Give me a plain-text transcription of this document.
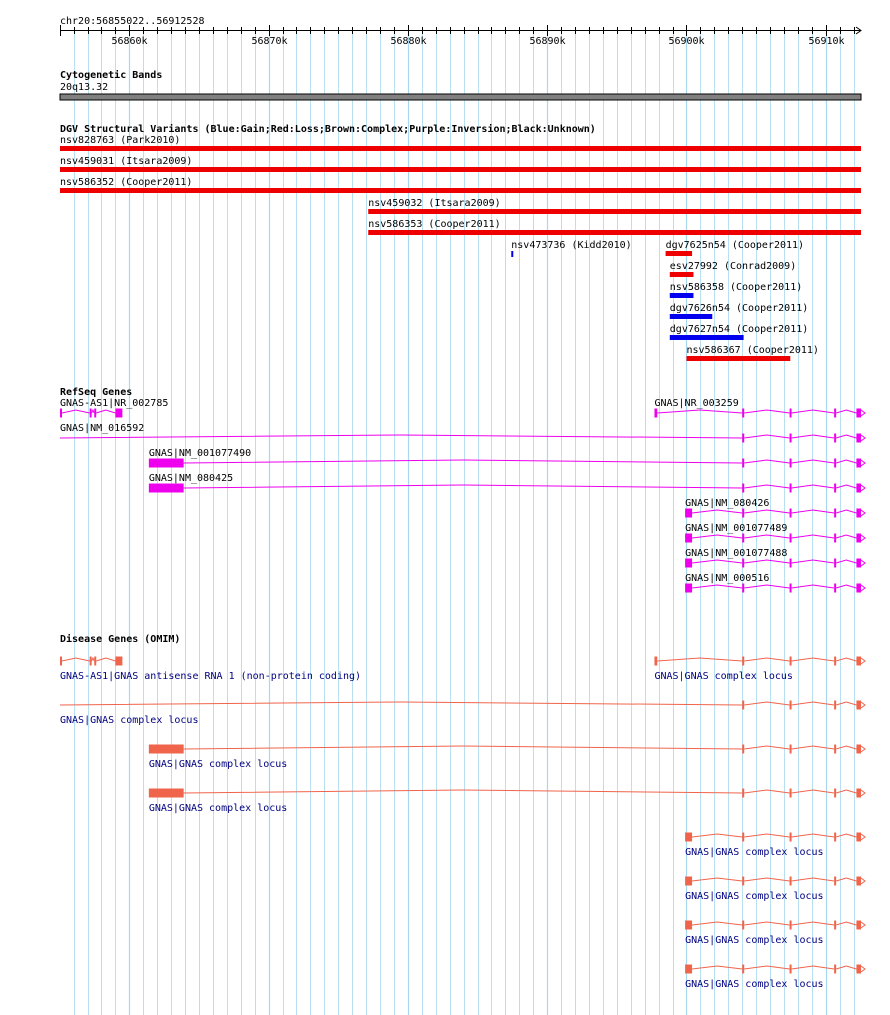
chr20:56855022..56912528
56860k	56870k	56880k	56890k	56900k	56910k
Cytogenetic Bands
20q13.32
DGV Structural Variants (Blue:Gain;Red:Loss;Brown:Complex;Purple:Inversion;Black:Unknown)
nsv828763 (Park2010)
nsv459031 (Itsara2009)
nsv586352 (Cooper2011)
nsv459032 (Itsara2009)
nsv586353 (Cooper2011)
nsv473736 (Kidd2010)	dgv7625n54 (Cooper2011)
esv27992 (Conrad2009)
nsv586358 (Cooper2011)
dgv7626n54 (Cooper2011)
dgv7627n54 (Cooper2011)
nsv586367 (Cooper2011)
RefSeq Genes
GNAS-AS1|NR_002785	GNAS|NR_003259
GNAS|NM_016592
GNAS|NM_001077490
GNAS|NM_080425
GNAS|NM_080426
GNAS|NM_001077489
GNAS|NM_001077488
GNAS|NM_000516
Disease Genes (OMIM)
GNAS-AS1|GNAS antisense RNA 1 (non-protein coding)	GNAS|GNAS complex locus
GNAS|GNAS complex locus
GNAS|GNAS complex locus
GNAS|GNAS complex locus
GNAS|GNAS complex locus
GNAS|GNAS complex locus
GNAS|GNAS complex locus
GNAS|GNAS complex locus
